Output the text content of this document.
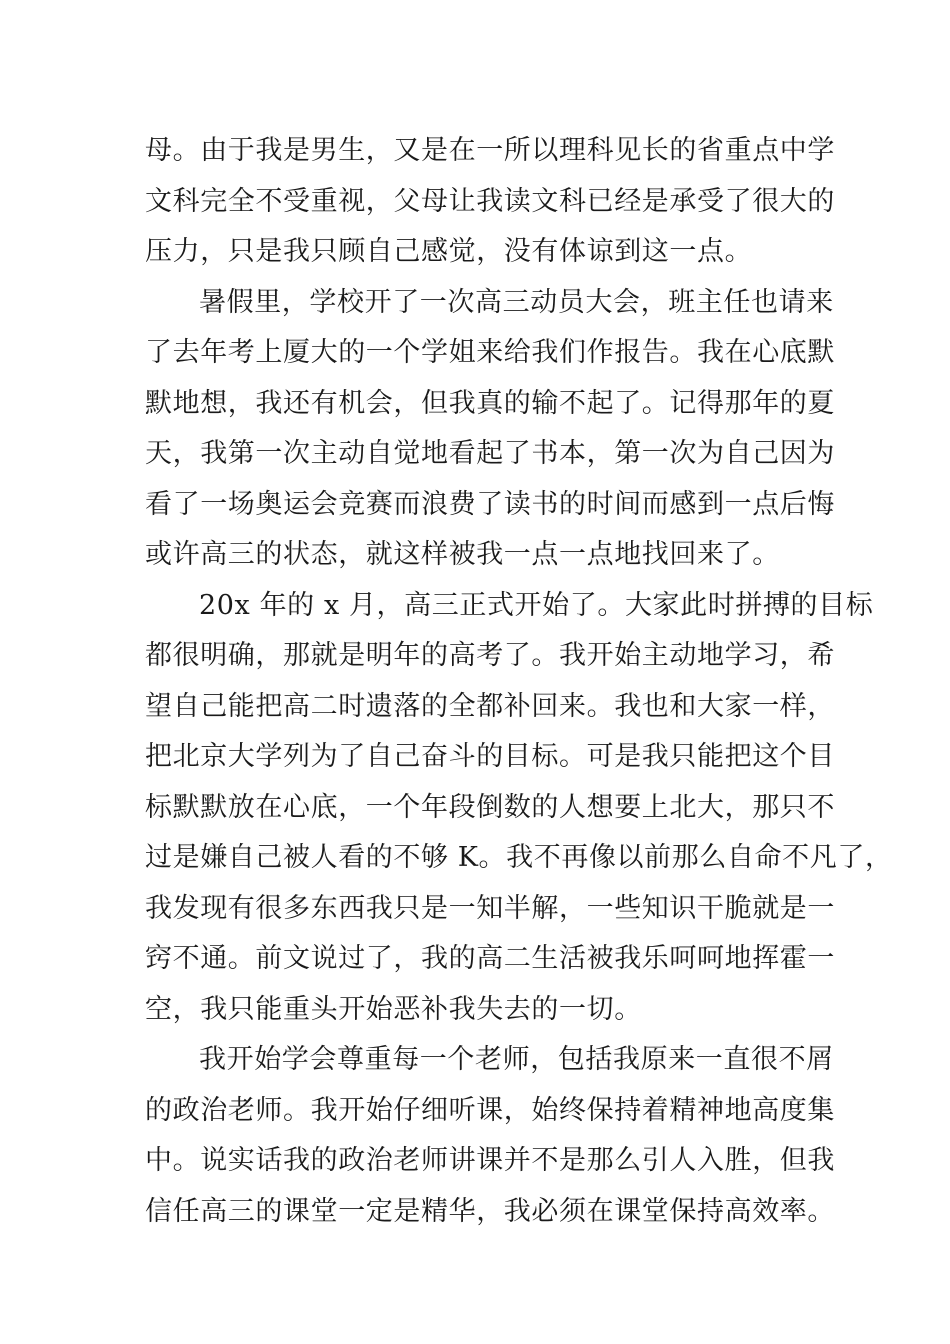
母。由于我是男生，又是在一所以理科见长的省重点中学
文科完全不受重视，父母让我读文科已经是承受了很大的
压力，只是我只顾自己感觉，没有体谅到这一点。
暑假里，学校开了一次高三动员大会，班主任也请来
了去年考上厦大的一个学姐来给我们作报告。我在心底默
默地想，我还有机会，但我真的输不起了。记得那年的夏
天，我第一次主动自觉地看起了书本，第一次为自己因为
看了一场奥运会竞赛而浪费了读书的时间而感到一点后悔
或许高三的状态，就这样被我一点一点地找回来了。
20x 年的 x 月，高三正式开始了。大家此时拼搏的目标
都很明确，那就是明年的高考了。我开始主动地学习，希
望自己能把高二时遗落的全都补回来。我也和大家一样，
把北京大学列为了自己奋斗的目标。可是我只能把这个目
标默默放在心底，一个年段倒数的人想要上北大，那只不
过是嫌自己被人看的不够 K。我不再像以前那么自命不凡了，
我发现有很多东西我只是一知半解，一些知识干脆就是一
窍不通。前文说过了，我的高二生活被我乐呵呵地挥霍一
空，我只能重头开始恶补我失去的一切。
我开始学会尊重每一个老师，包括我原来一直很不屑
的政治老师。我开始仔细听课，始终保持着精神地高度集
中。说实话我的政治老师讲课并不是那么引人入胜，但我
信任高三的课堂一定是精华，我必须在课堂保持高效率。
